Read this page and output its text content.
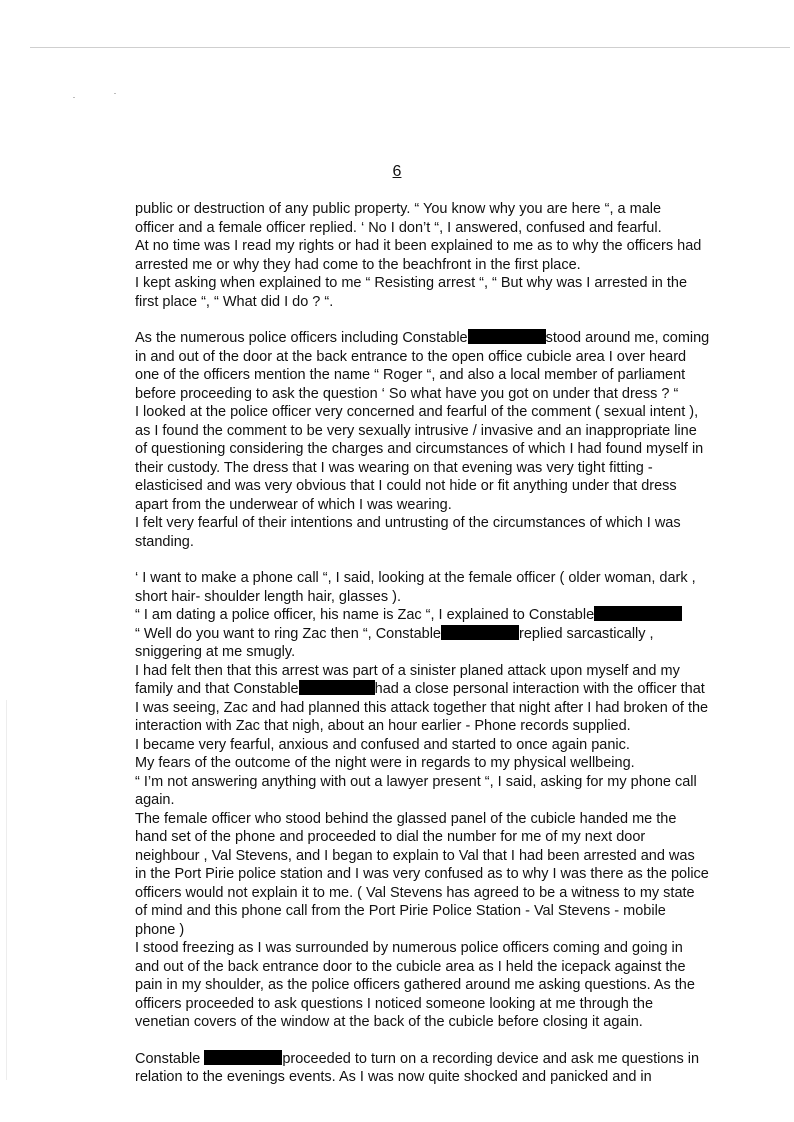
6

public or destruction of any public property. “ You know why you are here “, a male

officer and a female officer replied. ‘ No I don’t “, I answered, confused and fearful.

At no time was I read my rights or had it been explained to me as to why the officers had

arrested me or why they had come to the beachfront in the first place.

I kept asking when explained to me “ Resisting arrest “, “ But why was I arrested in the

first place “, “ What did I do ? “.

As the numerous police officers including Constable	stood around me, coming

in and out of the door at the back entrance to the open office cubicle area I over heard

one of the officers mention the name “ Roger “, and also a local member of parliament

before proceeding to ask the question ‘ So what have you got on under that dress ? “

I looked at the police officer very concerned and fearful of the comment ( sexual intent ),

as I found the comment to be very sexually intrusive / invasive and an inappropriate line

of questioning considering the charges and circumstances of which I had found myself in

their custody. The dress that I was wearing on that evening was very tight fitting -

elasticised and was very obvious that I could not hide or fit anything under that dress

apart from the underwear of which I was wearing.

I felt very fearful of their intentions and untrusting of the circumstances of which I was

standing.

‘ I want to make a phone call “, I said, looking at the female officer ( older woman, dark ,

short hair- shoulder length hair, glasses ).

“ I am dating a police officer, his name is Zac “, I explained to Constable

“ Well do you want to ring Zac then “, Constable	replied sarcastically ,

sniggering at me smugly.

I had felt then that this arrest was part of a sinister planed attack upon myself and my

family and that Constable	had a close personal interaction with the officer that

I was seeing, Zac and had planned this attack together that night after I had broken of the

interaction with Zac that nigh, about an hour earlier - Phone records supplied.

I became very fearful, anxious and confused and started to once again panic.

My fears of the outcome of the night were in regards to my physical wellbeing.

“ I’m not answering anything with out a lawyer present “, I said, asking for my phone call

again.

The female officer who stood behind the glassed panel of the cubicle handed me the

hand set of the phone and proceeded to dial the number for me of my next door

neighbour , Val Stevens, and I began to explain to Val that I had been arrested and was

in the Port Pirie police station and I was very confused as to why I was there as the police

officers would not explain it to me. ( Val Stevens has agreed to be a witness to my state

of mind and this phone call from the Port Pirie Police Station - Val Stevens - mobile

phone )

I stood freezing as I was surrounded by numerous police officers coming and going in

and out of the back entrance door to the cubicle area as I held the icepack against the

pain in my shoulder, as the police officers gathered around me asking questions. As the

officers proceeded to ask questions I noticed someone looking at me through the

venetian covers of the window at the back of the cubicle before closing it again.

Constable	proceeded to turn on a recording device and ask me questions in

relation to the evenings events. As I was now quite shocked and panicked and in
